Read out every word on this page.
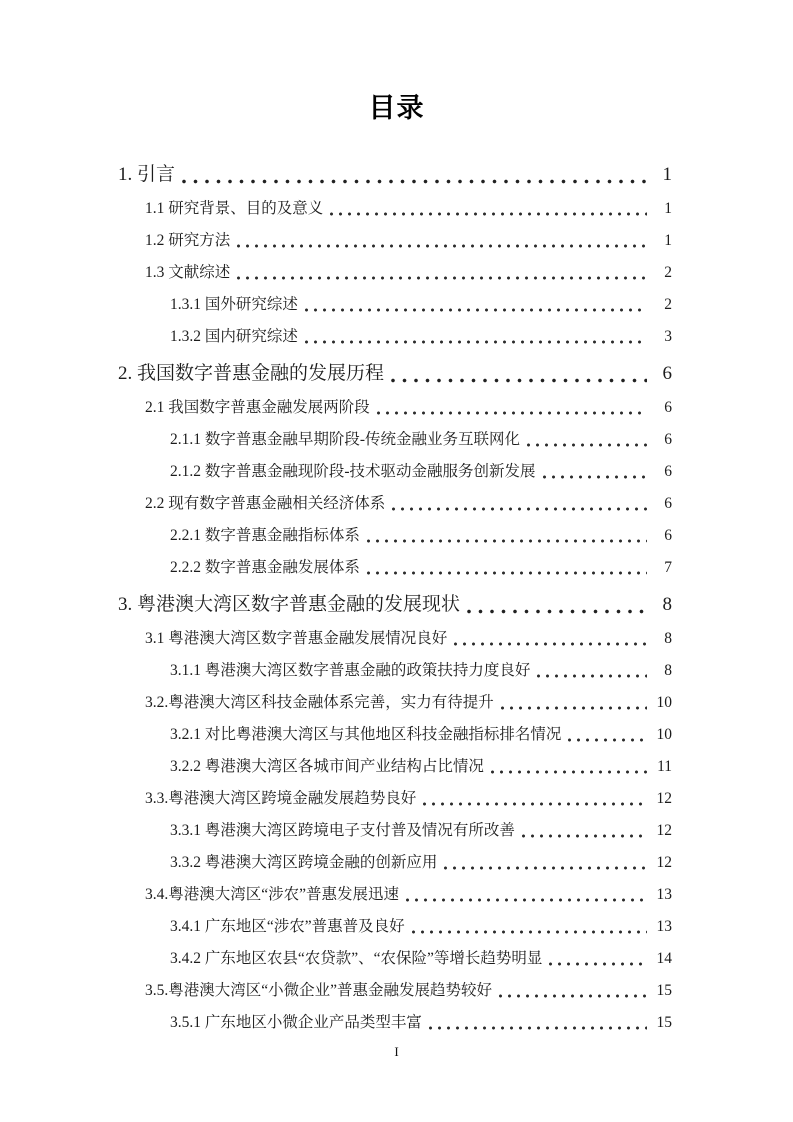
目录
1. 引言	1
1.1 研究背景、目的及意义	1
1.2 研究方法	1
1.3 文献综述	2
1.3.1 国外研究综述	2
1.3.2 国内研究综述	3
2. 我国数字普惠金融的发展历程	6
2.1 我国数字普惠金融发展两阶段	6
2.1.1 数字普惠金融早期阶段-传统金融业务互联网化	6
2.1.2 数字普惠金融现阶段-技术驱动金融服务创新发展	6
2.2 现有数字普惠金融相关经济体系	6
2.2.1 数字普惠金融指标体系	6
2.2.2 数字普惠金融发展体系	7
3. 粤港澳大湾区数字普惠金融的发展现状	8
3.1 粤港澳大湾区数字普惠金融发展情况良好	8
3.1.1 粤港澳大湾区数字普惠金融的政策扶持力度良好	8
3.2.粤港澳大湾区科技金融体系完善，实力有待提升	10
3.2.1 对比粤港澳大湾区与其他地区科技金融指标排名情况	10
3.2.2 粤港澳大湾区各城市间产业结构占比情况	11
3.3.粤港澳大湾区跨境金融发展趋势良好	12
3.3.1 粤港澳大湾区跨境电子支付普及情况有所改善	12
3.3.2 粤港澳大湾区跨境金融的创新应用	12
3.4.粤港澳大湾区“涉农”普惠发展迅速	13
3.4.1 广东地区“涉农”普惠普及良好	13
3.4.2 广东地区农县“农贷款”、“农保险”等增长趋势明显	14
3.5.粤港澳大湾区“小微企业”普惠金融发展趋势较好	15
3.5.1 广东地区小微企业产品类型丰富	15
I
